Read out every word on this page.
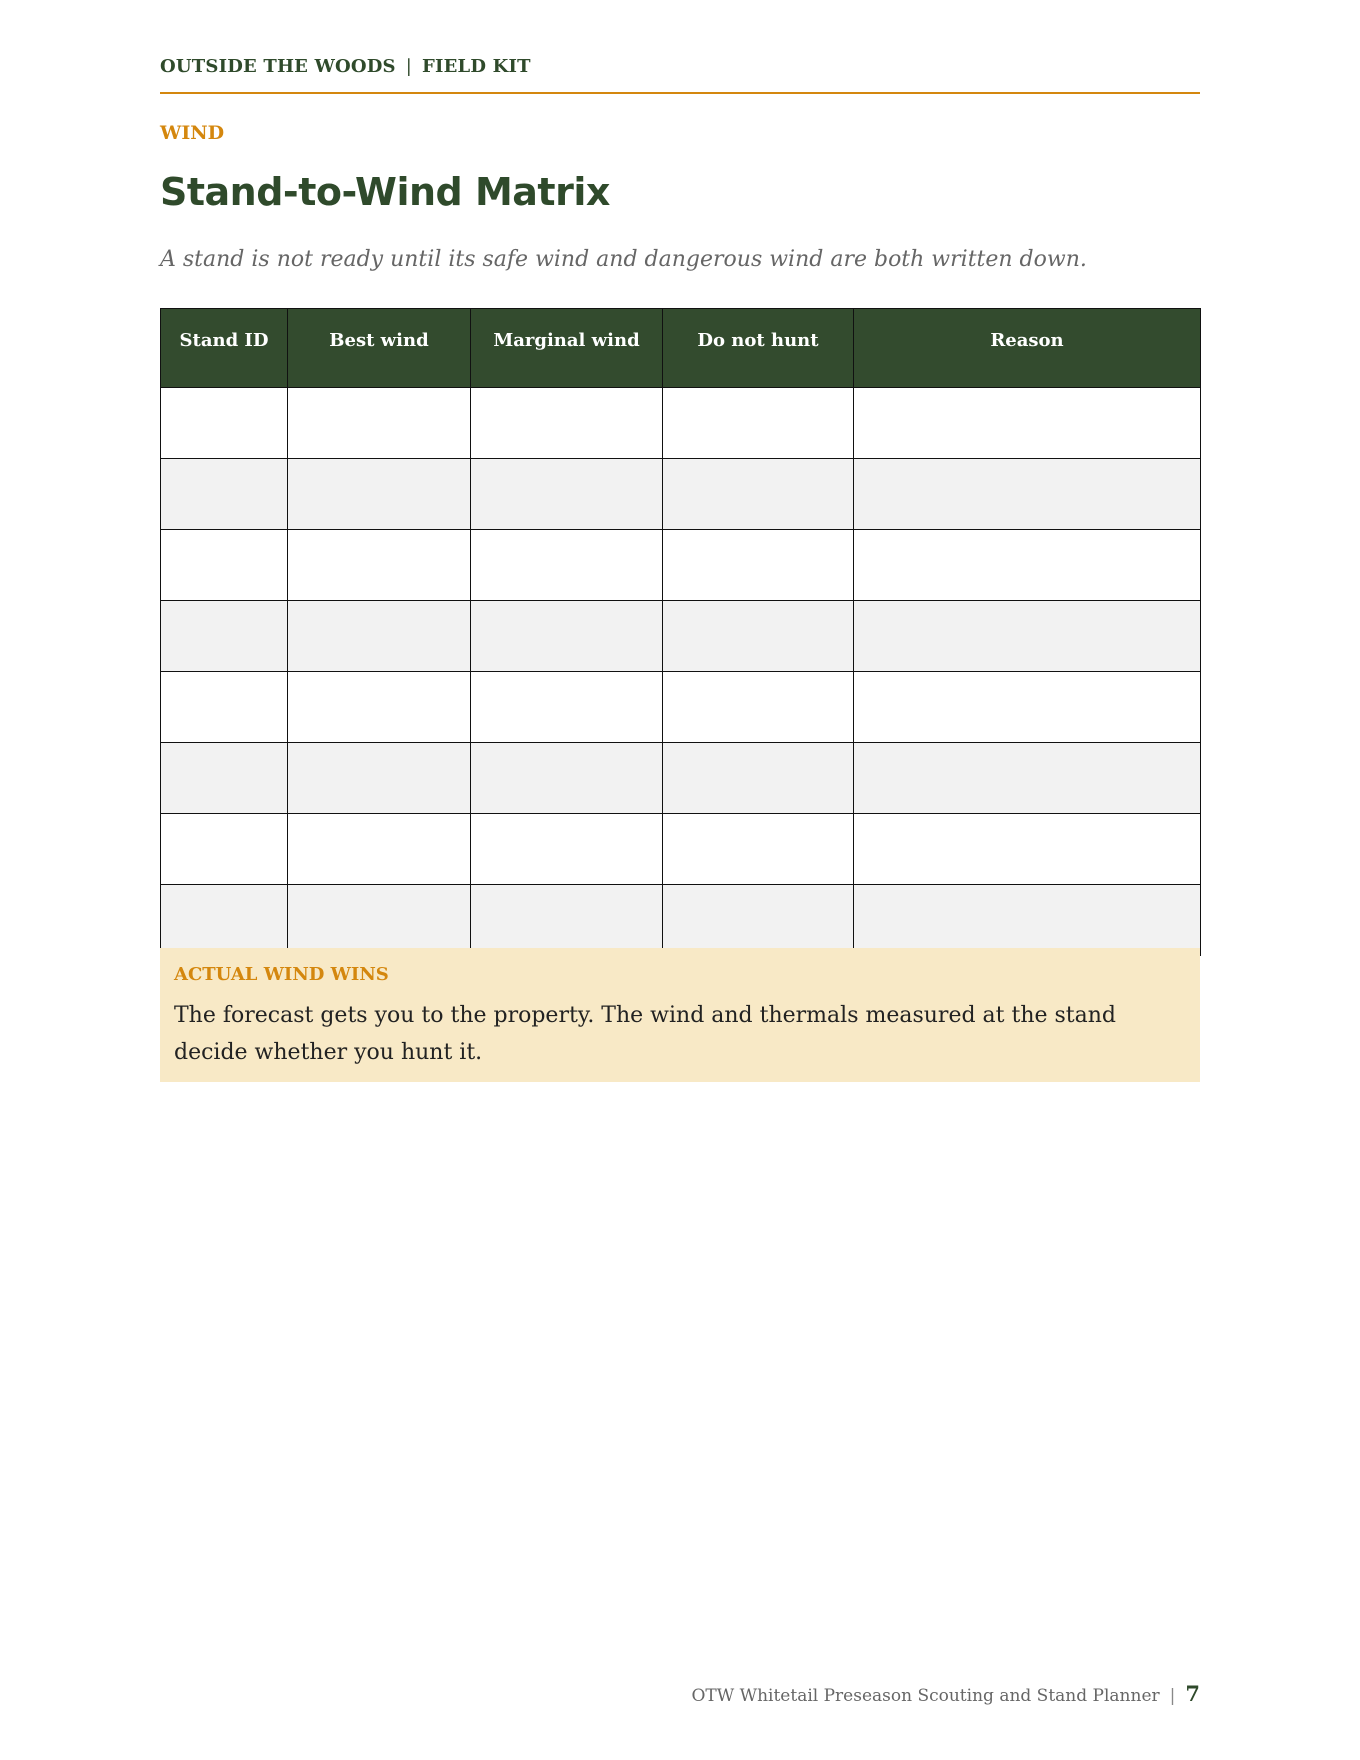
OUTSIDE THE WOODS | FIELD KIT
WIND
Stand-to-Wind Matrix
A stand is not ready until its safe wind and dangerous wind are both written down.
Stand ID	Best wind	Marginal wind	Do not hunt	Reason

ACTUAL WIND WINS
The forecast gets you to the property. The wind and thermals measured at the stand decide whether you hunt it.
OTW Whitetail Preseason Scouting and Stand Planner | 7
